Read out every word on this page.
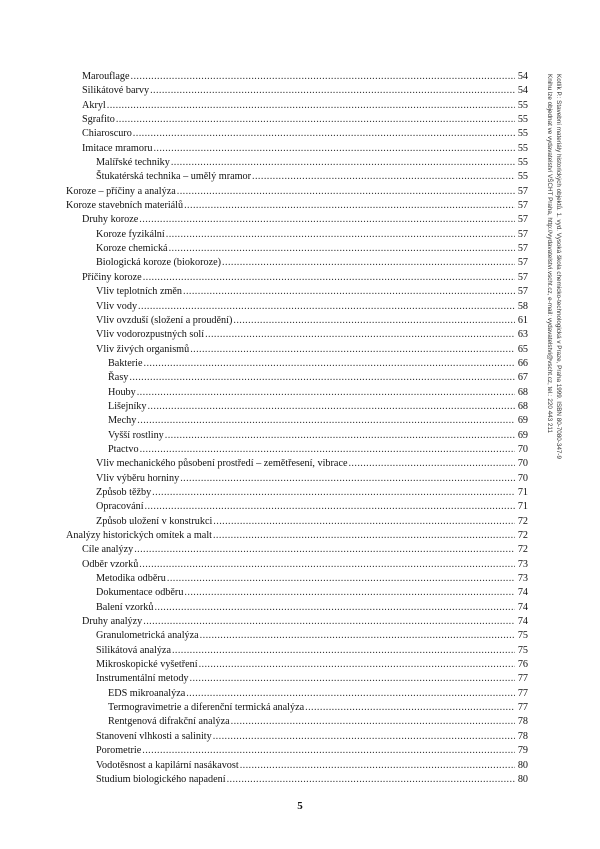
Marouflage .....	54
Silikátové barvy .....	54
Akryl .....	55
Sgrafito .....	55
Chiaroscuro .....	55
Imitace mramoru .....	55
Malířské techniky .....	55
Štukatérská technika – umělý mramor .....	55
Koroze – příčiny a analýza .....	57
Koroze stavebních materiálů .....	57
Druhy koroze .....	57
Koroze fyzikální .....	57
Koroze chemická .....	57
Biologická koroze (biokoroze) .....	57
Příčiny koroze .....	57
Vliv teplotních změn .....	57
Vliv vody .....	58
Vliv ovzduší (složení a proudění) .....	61
Vliv vodorozpustných solí .....	63
Vliv živých organismů .....	65
Bakterie .....	66
Řasy .....	67
Houby .....	68
Lišejníky .....	68
Mechy .....	69
Vyšší rostliny .....	69
Ptactvo .....	70
Vliv mechanického působení prostředí – zemětřesení, vibrace .....	70
Vliv výběru horniny .....	70
Způsob těžby .....	71
Opracování .....	71
Způsob uložení v konstrukci .....	72
Analýzy historických omítek a malt .....	72
Cíle analýzy .....	72
Odběr vzorků .....	73
Metodika odběru .....	73
Dokumentace odběru .....	74
Balení vzorků .....	74
Druhy analýzy .....	74
Granulometrická analýza .....	75
Silikátová analýza .....	75
Mikroskopické vyšetření .....	76
Instrumentální metody .....	77
EDS mikroanalýza .....	77
Termogravimetrie a diferenční termická analýza .....	77
Rentgenová difrakční analýza .....	78
Stanovení vlhkosti a salinity .....	78
Porometrie .....	79
Vodotěsnost a kapilární nasákavost .....	80
Studium biologického napadení .....	80
5
Kotlík P.: Stavební materiály historických objektů. 1. vyd. Vysoká škola chemicko-technologická v Praze, Praha 1999. ISBN 80-7080-347-9
Knihu lze objednat ve vydavatelství VŠCHT Praha, http://vydavatelstvi.vscht.cz, e-mail: vydavatelstvi@vscht.cz, tel.: 220 443 211
